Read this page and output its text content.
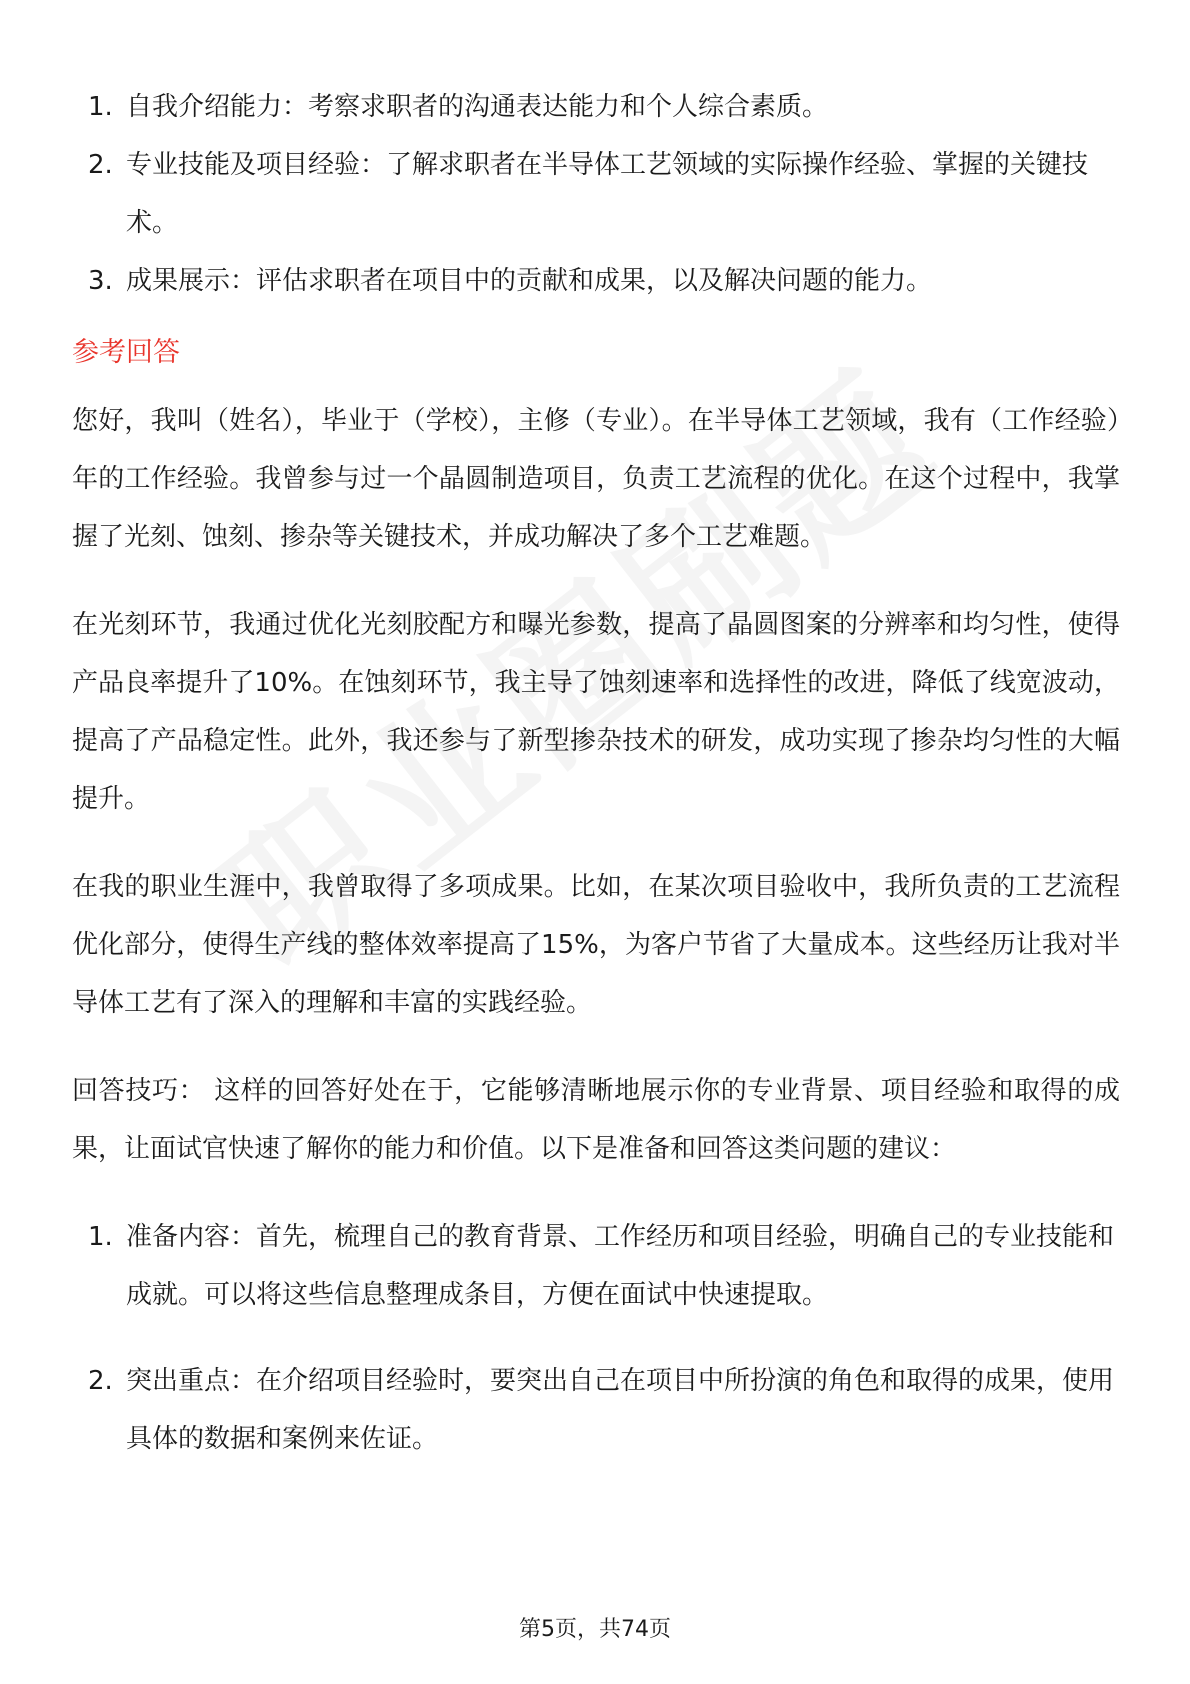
1. 自我介绍能力：考察求职者的沟通表达能力和个人综合素质。
2. 专业技能及项目经验：了解求职者在半导体工艺领域的实际操作经验、掌握的关键技术。
3. 成果展示：评估求职者在项目中的贡献和成果，以及解决问题的能力。
参考回答

您好，我叫（姓名），毕业于（学校），主修（专业）。在半导体工艺领域，我有（工作经验）年的工作经验。我曾参与过一个晶圆制造项目，负责工艺流程的优化。在这个过程中，我掌握了光刻、蚀刻、掺杂等关键技术，并成功解决了多个工艺难题。

在光刻环节，我通过优化光刻胶配方和曝光参数，提高了晶圆图案的分辨率和均匀性，使得产品良率提升了10%。在蚀刻环节，我主导了蚀刻速率和选择性的改进，降低了线宽波动，提高了产品稳定性。此外，我还参与了新型掺杂技术的研发，成功实现了掺杂均匀性的大幅提升。

在我的职业生涯中，我曾取得了多项成果。比如，在某次项目验收中，我所负责的工艺流程优化部分，使得生产线的整体效率提高了15%，为客户节省了大量成本。这些经历让我对半导体工艺有了深入的理解和丰富的实践经验。

回答技巧： 这样的回答好处在于，它能够清晰地展示你的专业背景、项目经验和取得的成果，让面试官快速了解你的能力和价值。以下是准备和回答这类问题的建议：

1. 准备内容：首先，梳理自己的教育背景、工作经历和项目经验，明确自己的专业技能和成就。可以将这些信息整理成条目，方便在面试中快速提取。
2. 突出重点：在介绍项目经验时，要突出自己在项目中所扮演的角色和取得的成果，使用具体的数据和案例来佐证。
第5页，共74页
